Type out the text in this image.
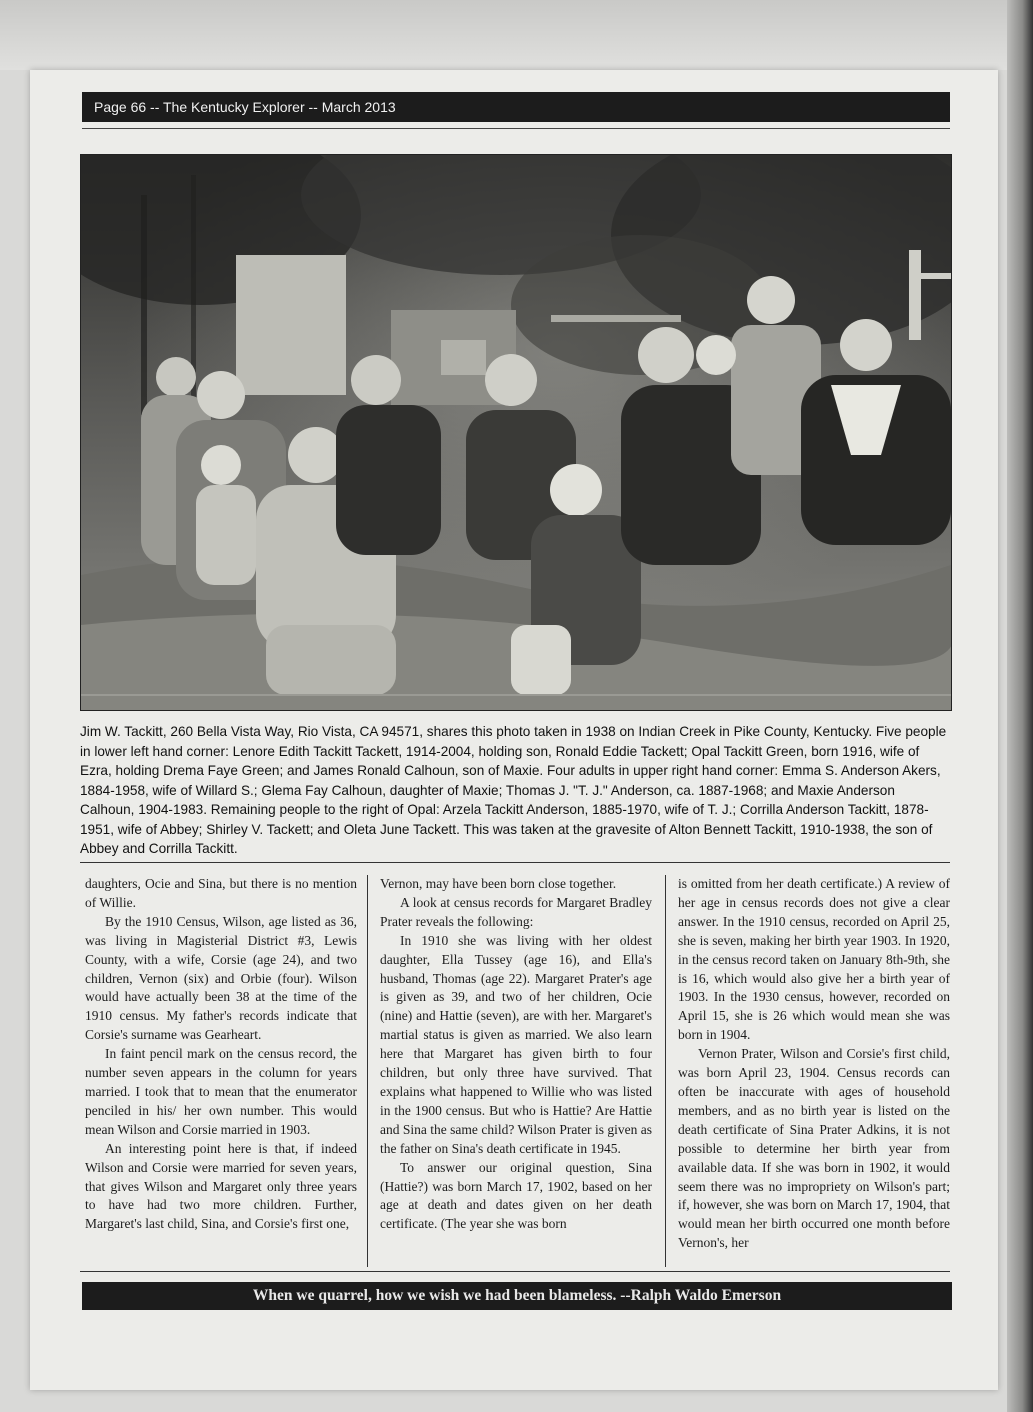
Page 66 -- The Kentucky Explorer -- March 2013

Jim W. Tackitt, 260 Bella Vista Way, Rio Vista, CA 94571, shares this photo taken in 1938 on Indian Creek in Pike County, Kentucky. Five people in lower left hand corner: Lenore Edith Tackitt Tackett, 1914-2004, holding son, Ronald Eddie Tackett; Opal Tackitt Green, born 1916, wife of Ezra, holding Drema Faye Green; and James Ronald Calhoun, son of Maxie. Four adults in upper right hand corner: Emma S. Anderson Akers, 1884-1958, wife of Willard S.; Glema Fay Calhoun, daughter of Maxie; Thomas J. "T. J." Anderson, ca. 1887-1968; and Maxie Anderson Calhoun, 1904-1983. Remaining people to the right of Opal: Arzela Tackitt Anderson, 1885-1970, wife of T. J.; Corrilla Anderson Tackitt, 1878-1951, wife of Abbey; Shirley V. Tackett; and Oleta June Tackett. This was taken at the gravesite of Alton Bennett Tackitt, 1910-1938, the son of Abbey and Corrilla Tackitt.

daughters, Ocie and Sina, but there is no mention of Willie.

By the 1910 Census, Wilson, age listed as 36, was living in Magisterial District #3, Lewis County, with a wife, Corsie (age 24), and two children, Vernon (six) and Orbie (four). Wilson would have actually been 38 at the time of the 1910 census. My father's records indicate that Corsie's surname was Gearheart.

In faint pencil mark on the census record, the number seven appears in the column for years married. I took that to mean that the enumerator penciled in his/ her own number. This would mean Wilson and Corsie married in 1903.

An interesting point here is that, if indeed Wilson and Corsie were married for seven years, that gives Wilson and Margaret only three years to have had two more children. Further, Margaret's last child, Sina, and Corsie's first one,

Vernon, may have been born close together.

A look at census records for Margaret Bradley Prater reveals the following:

In 1910 she was living with her oldest daughter, Ella Tussey (age 16), and Ella's husband, Thomas (age 22). Margaret Prater's age is given as 39, and two of her children, Ocie (nine) and Hattie (seven), are with her. Margaret's martial status is given as married. We also learn here that Margaret has given birth to four children, but only three have survived. That explains what happened to Willie who was listed in the 1900 census. But who is Hattie? Are Hattie and Sina the same child? Wilson Prater is given as the father on Sina's death certificate in 1945.

To answer our original question, Sina (Hattie?) was born March 17, 1902, based on her age at death and dates given on her death certificate. (The year she was born

is omitted from her death certificate.) A review of her age in census records does not give a clear answer. In the 1910 census, recorded on April 25, she is seven, making her birth year 1903. In 1920, in the census record taken on January 8th-9th, she is 16, which would also give her a birth year of 1903. In the 1930 census, however, recorded on April 15, she is 26 which would mean she was born in 1904.

Vernon Prater, Wilson and Corsie's first child, was born April 23, 1904. Census records can often be inaccurate with ages of household members, and as no birth year is listed on the death certificate of Sina Prater Adkins, it is not possible to determine her birth year from available data. If she was born in 1902, it would seem there was no impropriety on Wilson's part; if, however, she was born on March 17, 1904, that would mean her birth occurred one month before Vernon's, her

When we quarrel, how we wish we had been blameless. --Ralph Waldo Emerson
